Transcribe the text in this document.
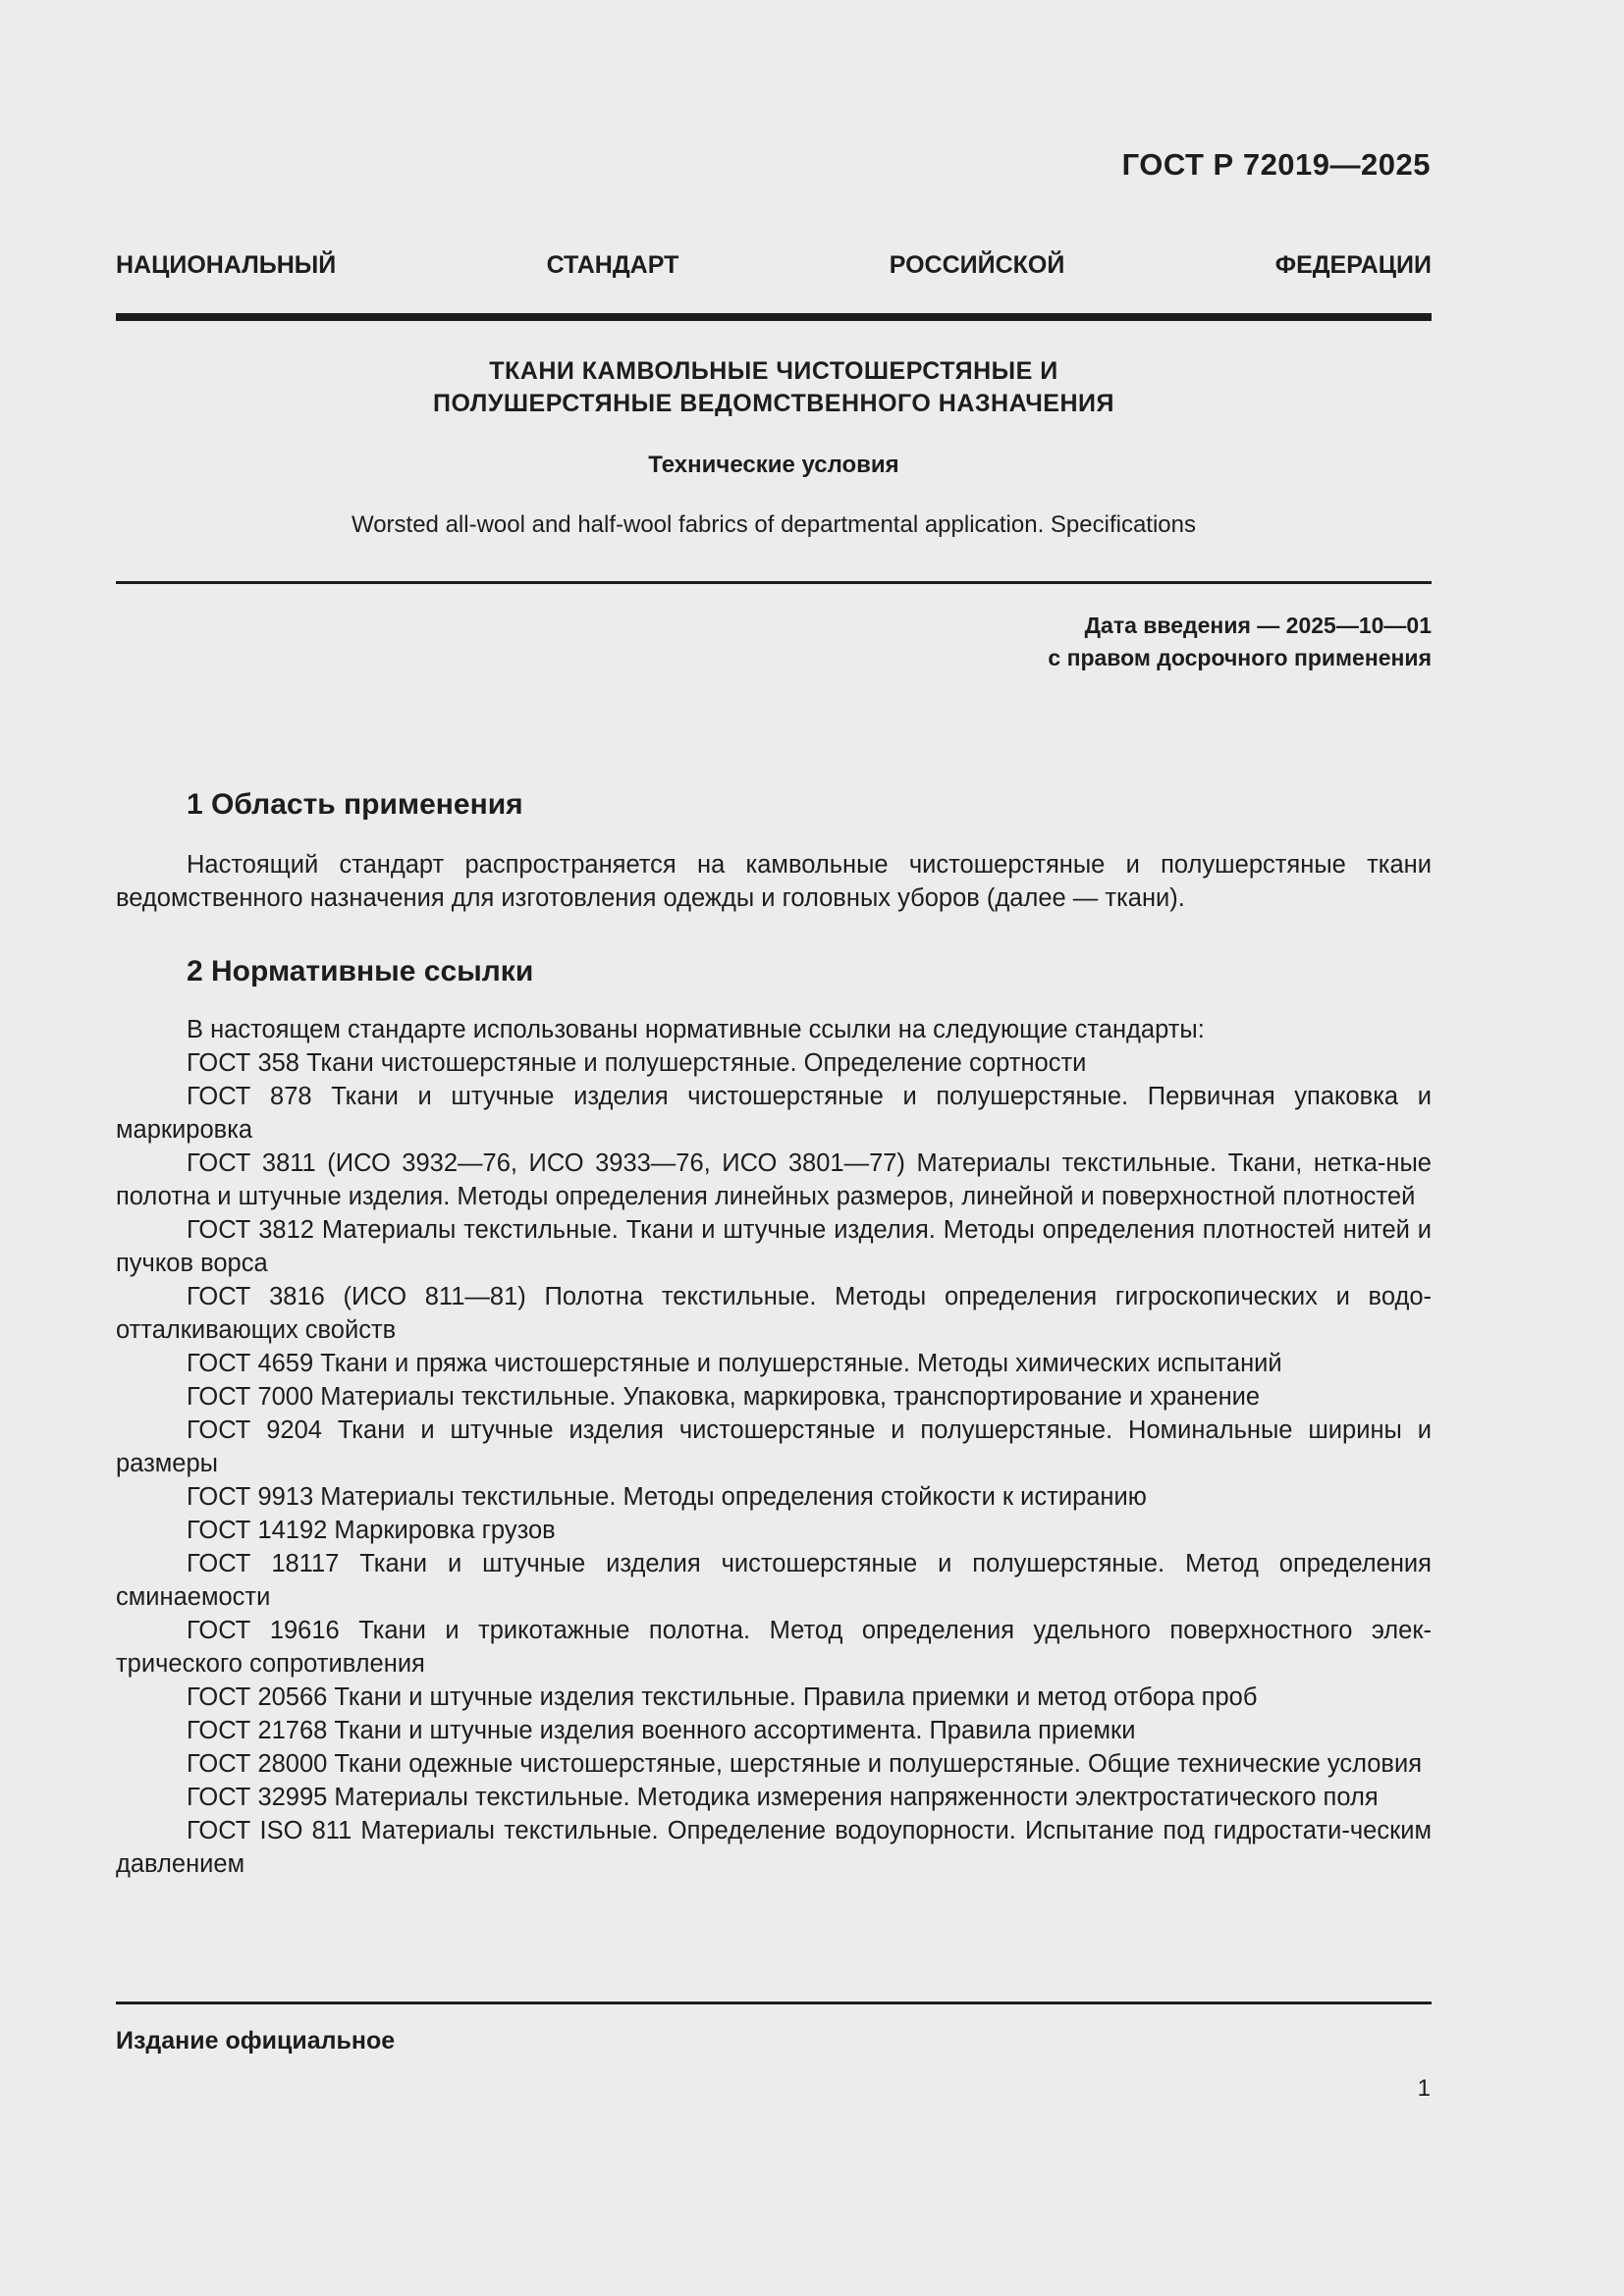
ГОСТ Р 72019—2025
НАЦИОНАЛЬНЫЙ	СТАНДАРТ	РОССИЙСКОЙ	ФЕДЕРАЦИИ
ТКАНИ КАМВОЛЬНЫЕ ЧИСТОШЕРСТЯНЫЕ И
ПОЛУШЕРСТЯНЫЕ ВЕДОМСТВЕННОГО НАЗНАЧЕНИЯ
Технические условия
Worsted all-wool and half-wool fabrics of departmental application. Specifications
Дата введения — 2025—10—01
с правом досрочного применения
1 Область применения

Настоящий стандарт распространяется на камвольные чистошерстяные и полушерстяные ткани ведомственного назначения для изготовления одежды и головных уборов (далее — ткани).

2 Нормативные ссылки

В настоящем стандарте использованы нормативные ссылки на следующие стандарты:

ГОСТ 358 Ткани чистошерстяные и полушерстяные. Определение сортности

ГОСТ 878 Ткани и штучные изделия чистошерстяные и полушерстяные. Первичная упаковка и маркировка

ГОСТ 3811 (ИСО 3932—76, ИСО 3933—76, ИСО 3801—77) Материалы текстильные. Ткани, нетка-ные полотна и штучные изделия. Методы определения линейных размеров, линейной и поверхностной плотностей

ГОСТ 3812 Материалы текстильные. Ткани и штучные изделия. Методы определения плотностей нитей и пучков ворса

ГОСТ 3816 (ИСО 811—81) Полотна текстильные. Методы определения гигроскопических и водо-отталкивающих свойств

ГОСТ 4659 Ткани и пряжа чистошерстяные и полушерстяные. Методы химических испытаний

ГОСТ 7000 Материалы текстильные. Упаковка, маркировка, транспортирование и хранение

ГОСТ 9204 Ткани и штучные изделия чистошерстяные и полушерстяные. Номинальные ширины и размеры

ГОСТ 9913 Материалы текстильные. Методы определения стойкости к истиранию

ГОСТ 14192 Маркировка грузов

ГОСТ 18117 Ткани и штучные изделия чистошерстяные и полушерстяные. Метод определения сминаемости

ГОСТ 19616 Ткани и трикотажные полотна. Метод определения удельного поверхностного элек-трического сопротивления

ГОСТ 20566 Ткани и штучные изделия текстильные. Правила приемки и метод отбора проб

ГОСТ 21768 Ткани и штучные изделия военного ассортимента. Правила приемки

ГОСТ 28000 Ткани одежные чистошерстяные, шерстяные и полушерстяные. Общие технические условия

ГОСТ 32995 Материалы текстильные. Методика измерения напряженности электростатического поля

ГОСТ ISO 811 Материалы текстильные. Определение водоупорности. Испытание под гидростати-ческим давлением

Издание официальное
1
